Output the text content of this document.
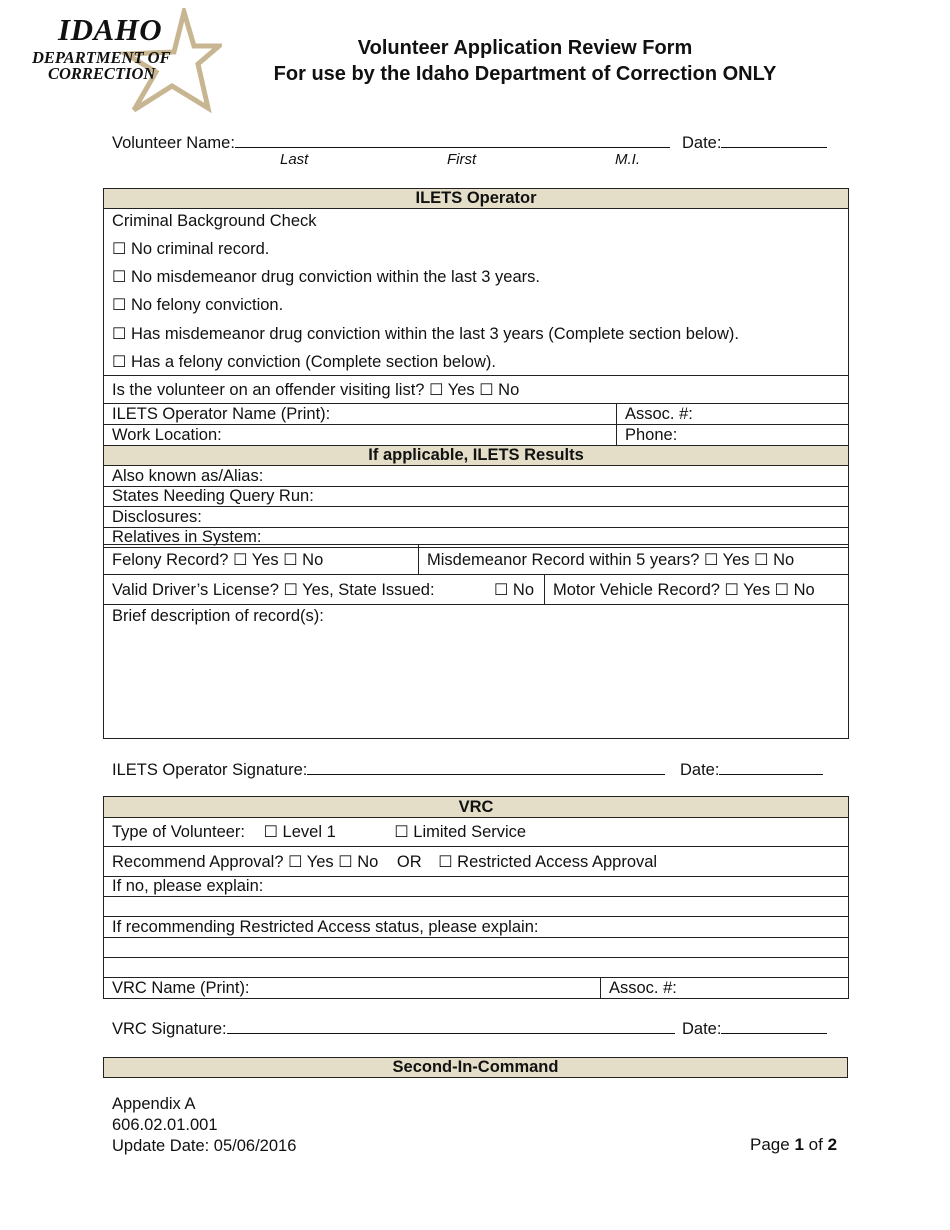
IDAHO
DEPARTMENT OF
CORRECTION
Volunteer Application Review Form
For use by the Idaho Department of Correction ONLY
Volunteer Name:	Date:
Last	First	M.I.
ILETS Operator	
Criminal Background Check	
☐ No criminal record.	
☐ No misdemeanor drug conviction within the last 3 years.	
☐ No felony conviction.	
☐ Has misdemeanor drug conviction within the last 3 years (Complete section below).	
☐ Has a felony conviction (Complete section below).	
Is the volunteer on an offender visiting list? ☐ Yes ☐ No	
ILETS Operator Name (Print):	Assoc. #:
Work Location:	Phone:
If applicable, ILETS Results	
Also known as/Alias:	
States Needing Query Run:	
Disclosures:	
Relatives in System:	
Felony Record? ☐ Yes ☐ No	Misdemeanor Record within 5 years? ☐ Yes ☐ No
Valid Driver’s License? ☐ Yes, State Issued:	☐ No	Motor Vehicle Record? ☐ Yes ☐ No
Brief description of record(s):
ILETS Operator Signature:	Date:
VRC
Type of Volunteer: ☐ Level 1	☐ Limited Service
Recommend Approval? ☐ Yes ☐ No OR ☐ Restricted Access Approval
If no, please explain:

If recommending Restricted Access status, please explain:

VRC Name (Print):	Assoc. #:
VRC Signature:	Date:
Second-In-Command
Appendix A
606.02.01.001
Update Date: 05/06/2016	Page 1 of 2
